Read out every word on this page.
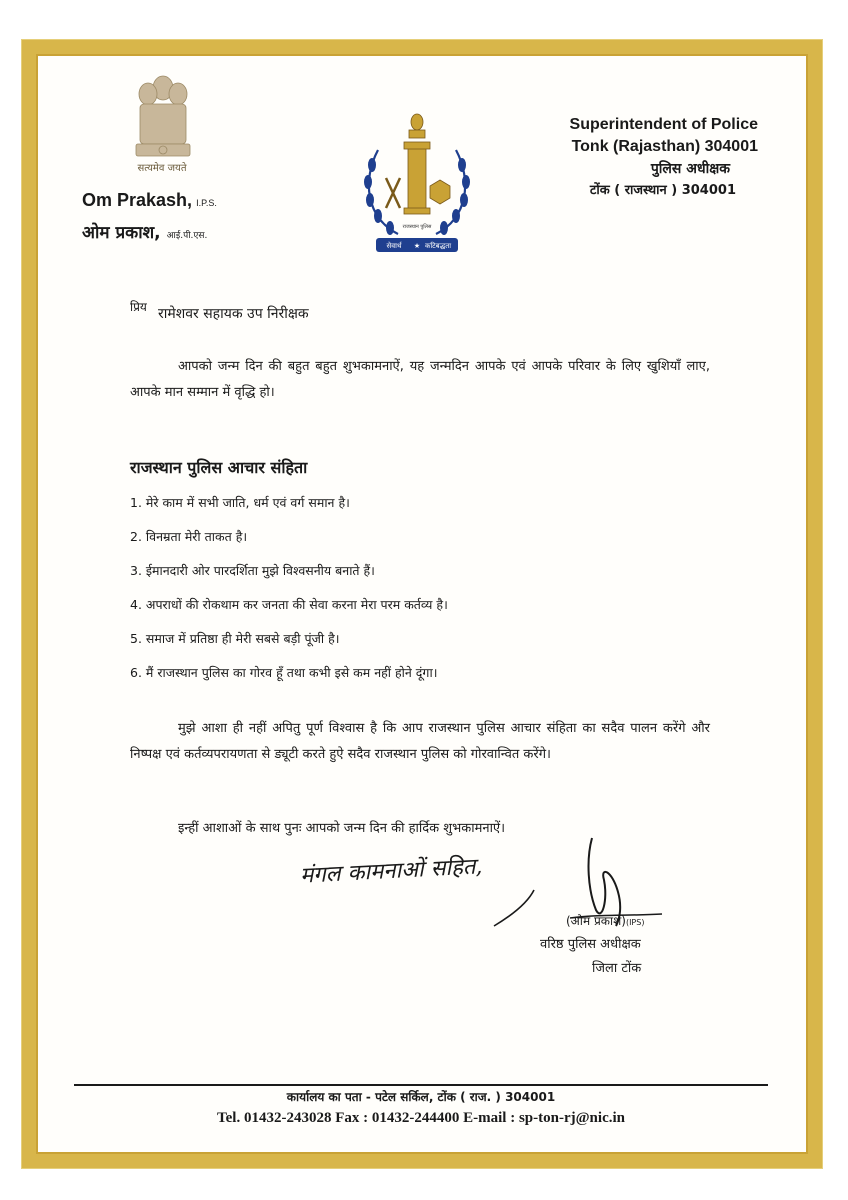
सत्यमेव जयते
Om Prakash, I.P.S.
ओम प्रकाश, आई.पी.एस.
राजस्थान पुलिस
सेवार्थ ★ कटिबद्धता
Superintendent of Police
Tonk (Rajasthan) 304001
पुलिस अधीक्षक
टोंक ( राजस्थान ) 304001
प्रिय रामेशवर सहायक उप निरीक्षक
आपको जन्म दिन की बहुत बहुत शुभकामनाऐं, यह जन्मदिन आपके एवं आपके परिवार के लिए खुशियॉं लाए, आपके मान सम्मान में वृद्धि हो।
राजस्थान पुलिस आचार संहिता
1. मेरे काम में सभी जाति, धर्म एवं वर्ग समान है।
2. विनम्रता मेरी ताकत है।
3. ईमानदारी ओर पारदर्शिता मुझे विश्वसनीय बनाते हैं।
4. अपराधों की रोकथाम कर जनता की सेवा करना मेरा परम कर्तव्य है।
5. समाज में प्रतिष्ठा ही मेरी सबसे बड़ी पूंजी है।
6. मैं राजस्थान पुलिस का गोरव हूँ तथा कभी इसे कम नहीं होने दूंगा।
मुझे आशा ही नहीं अपितु पूर्ण विश्वास है कि आप राजस्थान पुलिस आचार संहिता का सदैव पालन करेंगे और निष्पक्ष एवं कर्तव्यपरायणता से ड्यूटी करते हुऐ सदैव राजस्थान पुलिस को गोरवान्वित करेंगे।
इन्हीं आशाओं के साथ पुनः आपको जन्म दिन की हार्दिक शुभकामनाऐं।
मंगल कामनाओं सहित,
(ओम प्रकाश)(IPS)
वरिष्ठ पुलिस अधीक्षक
जिला टोंक
कार्यालय का पता - पटेल सर्किल, टोंक ( राज. ) 304001
Tel. 01432-243028 Fax : 01432-244400 E-mail : sp-ton-rj@nic.in
